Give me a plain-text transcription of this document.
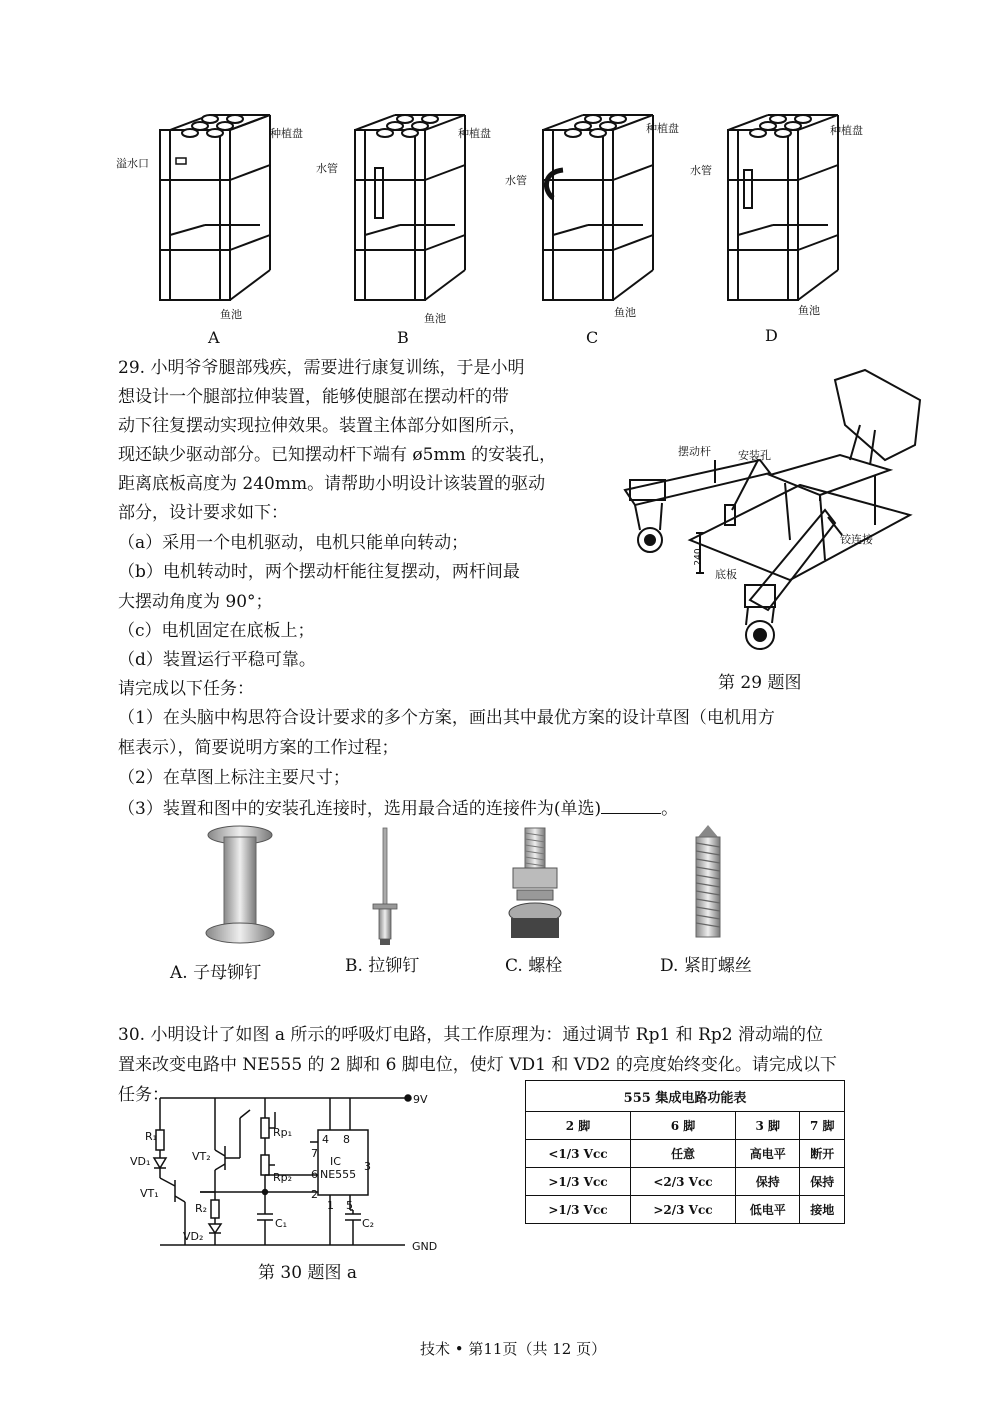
种植盘
溢水口
鱼池
A
种植盘
水管
鱼池
B
种植盘
水管
鱼池
C
种植盘
水管
鱼池
D
29. 小明爷爷腿部残疾，需要进行康复训练，于是小明
想设计一个腿部拉伸装置，能够使腿部在摆动杆的带
动下往复摆动实现拉伸效果。装置主体部分如图所示，
现还缺少驱动部分。已知摆动杆下端有 ø5mm 的安装孔，
距离底板高度为 240mm。请帮助小明设计该装置的驱动
部分，设计要求如下：
（a）采用一个电机驱动，电机只能单向转动；
（b）电机转动时，两个摆动杆能往复摆动，两杆间最
大摆动角度为 90°；
（c）电机固定在底板上；
（d）装置运行平稳可靠。
请完成以下任务：
（1）在头脑中构思符合设计要求的多个方案，画出其中最优方案的设计草图（电机用方
框表示），简要说明方案的工作过程；
（2）在草图上标注主要尺寸；
（3）装置和图中的安装孔连接时，选用最合适的连接件为(单选)	。
摆动杆 安装孔
铰连接
底板
240
第 29 题图
A. 子母铆钉	B. 拉铆钉	C. 螺栓	D. 紧盯螺丝
30. 小明设计了如图 a 所示的呼吸灯电路，其工作原理为：通过调节 Rp1 和 Rp2 滑动端的位
置来改变电路中 NE555 的 2 脚和 6 脚电位，使灯 VD1 和 VD2 的亮度始终变化。请完成以下
任务：	9V
GND
IC
NE555
R₁
VD₁
VT₁
VT₂
R₂
VD₂
Rp₁
Rp₂
C₁	C₂
4 8
7
6
2
3
1 5
第 30 题图 a
555 集成电路功能表			
2 脚	6 脚	3 脚	7 脚
<1/3 Vcc	任意	高电平	断开
>1/3 Vcc	<2/3 Vcc	保持	保持
>1/3 Vcc	>2/3 Vcc	低电平	接地
技术 • 第11页（共 12 页）
